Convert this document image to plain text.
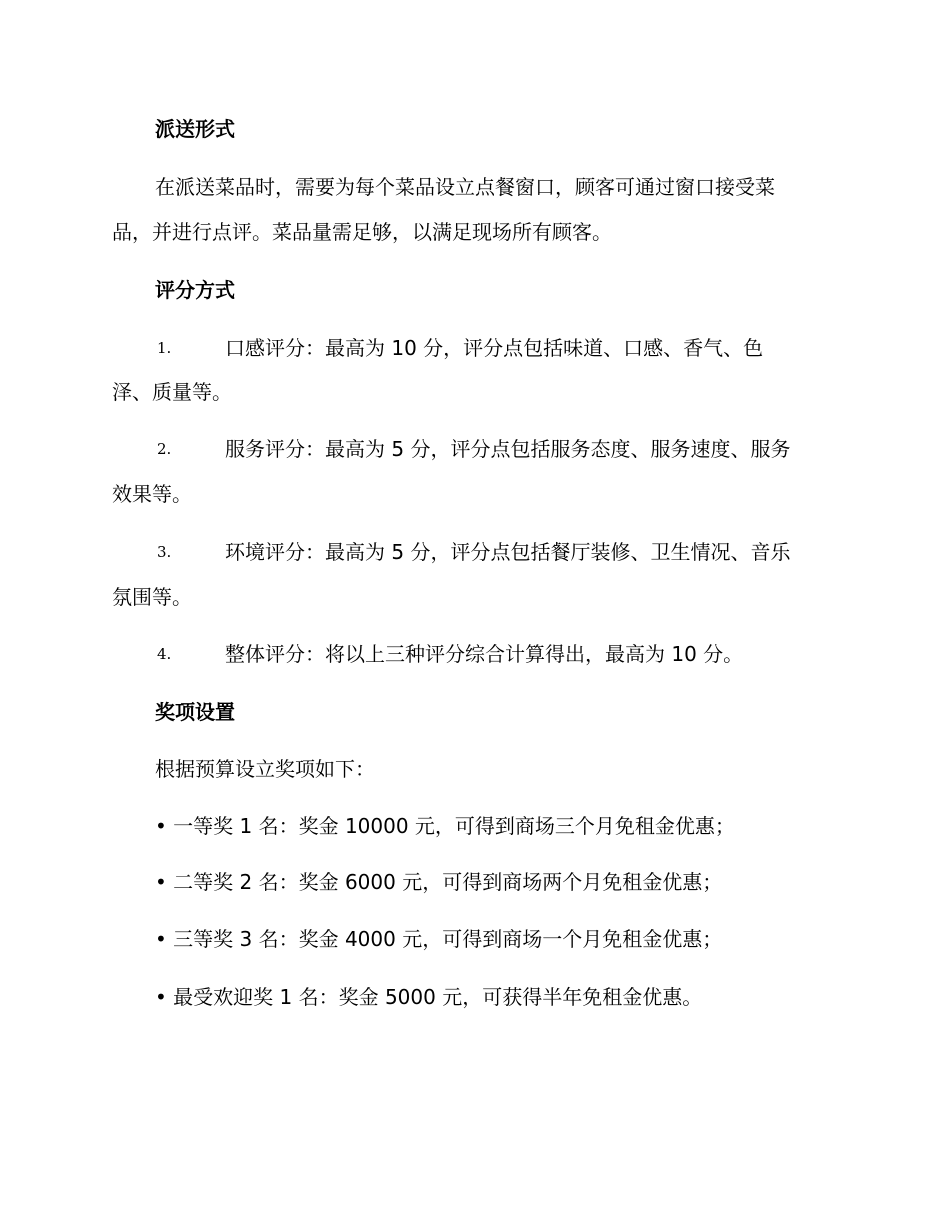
派送形式
在派送菜品时，需要为每个菜品设立点餐窗口，顾客可通过窗口接受菜
品，并进行点评。菜品量需足够，以满足现场所有顾客。
评分方式
1.	口感评分：最高为 10 分，评分点包括味道、口感、香气、色
泽、质量等。
2.	服务评分：最高为 5 分，评分点包括服务态度、服务速度、服务
效果等。
3.	环境评分：最高为 5 分，评分点包括餐厅装修、卫生情况、音乐
氛围等。
4.	整体评分：将以上三种评分综合计算得出，最高为 10 分。
奖项设置
根据预算设立奖项如下：
• 一等奖 1 名：奖金 10000 元，可得到商场三个月免租金优惠；
• 二等奖 2 名：奖金 6000 元，可得到商场两个月免租金优惠；
• 三等奖 3 名：奖金 4000 元，可得到商场一个月免租金优惠；
• 最受欢迎奖 1 名：奖金 5000 元，可获得半年免租金优惠。
